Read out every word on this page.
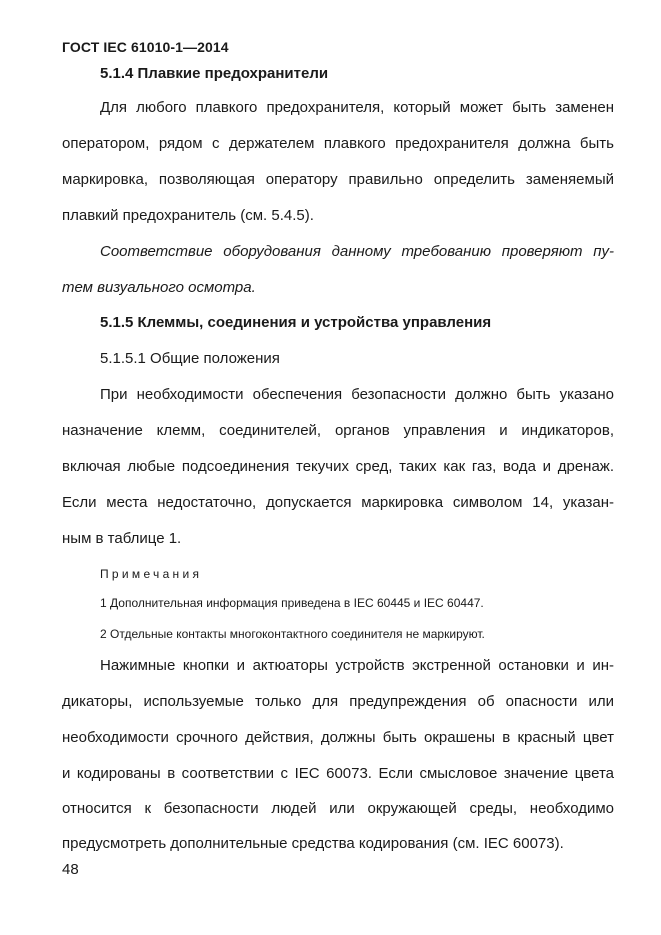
ГОСТ IEC 61010-1—2014
5.1.4 Плавкие предохранители
Для любого плавкого предохранителя, который может быть заменен
оператором, рядом с держателем плавкого предохранителя должна быть
маркировка, позволяющая оператору правильно определить заменяемый
плавкий предохранитель (см. 5.4.5).
Соответствие оборудования данному требованию проверяют пу-
тем визуального осмотра.
5.1.5 Клеммы, соединения и устройства управления
5.1.5.1 Общие положения
При необходимости обеспечения безопасности должно быть указано
назначение клемм, соединителей, органов управления и индикаторов,
включая любые подсоединения текучих сред, таких как газ, вода и дренаж.
Если места недостаточно, допускается маркировка символом 14, указан-
ным в таблице 1.
Примечания
1 Дополнительная информация приведена в IEC 60445 и IEC 60447.
2 Отдельные контакты многоконтактного соединителя не маркируют.
Нажимные кнопки и актюаторы устройств экстренной остановки и ин-
дикаторы, используемые только для предупреждения об опасности или
необходимости срочного действия, должны быть окрашены в красный цвет
и кодированы в соответствии с IEC 60073. Если смысловое значение цвета
относится к безопасности людей или окружающей среды, необходимо
предусмотреть дополнительные средства кодирования (см. IEC 60073).
48
